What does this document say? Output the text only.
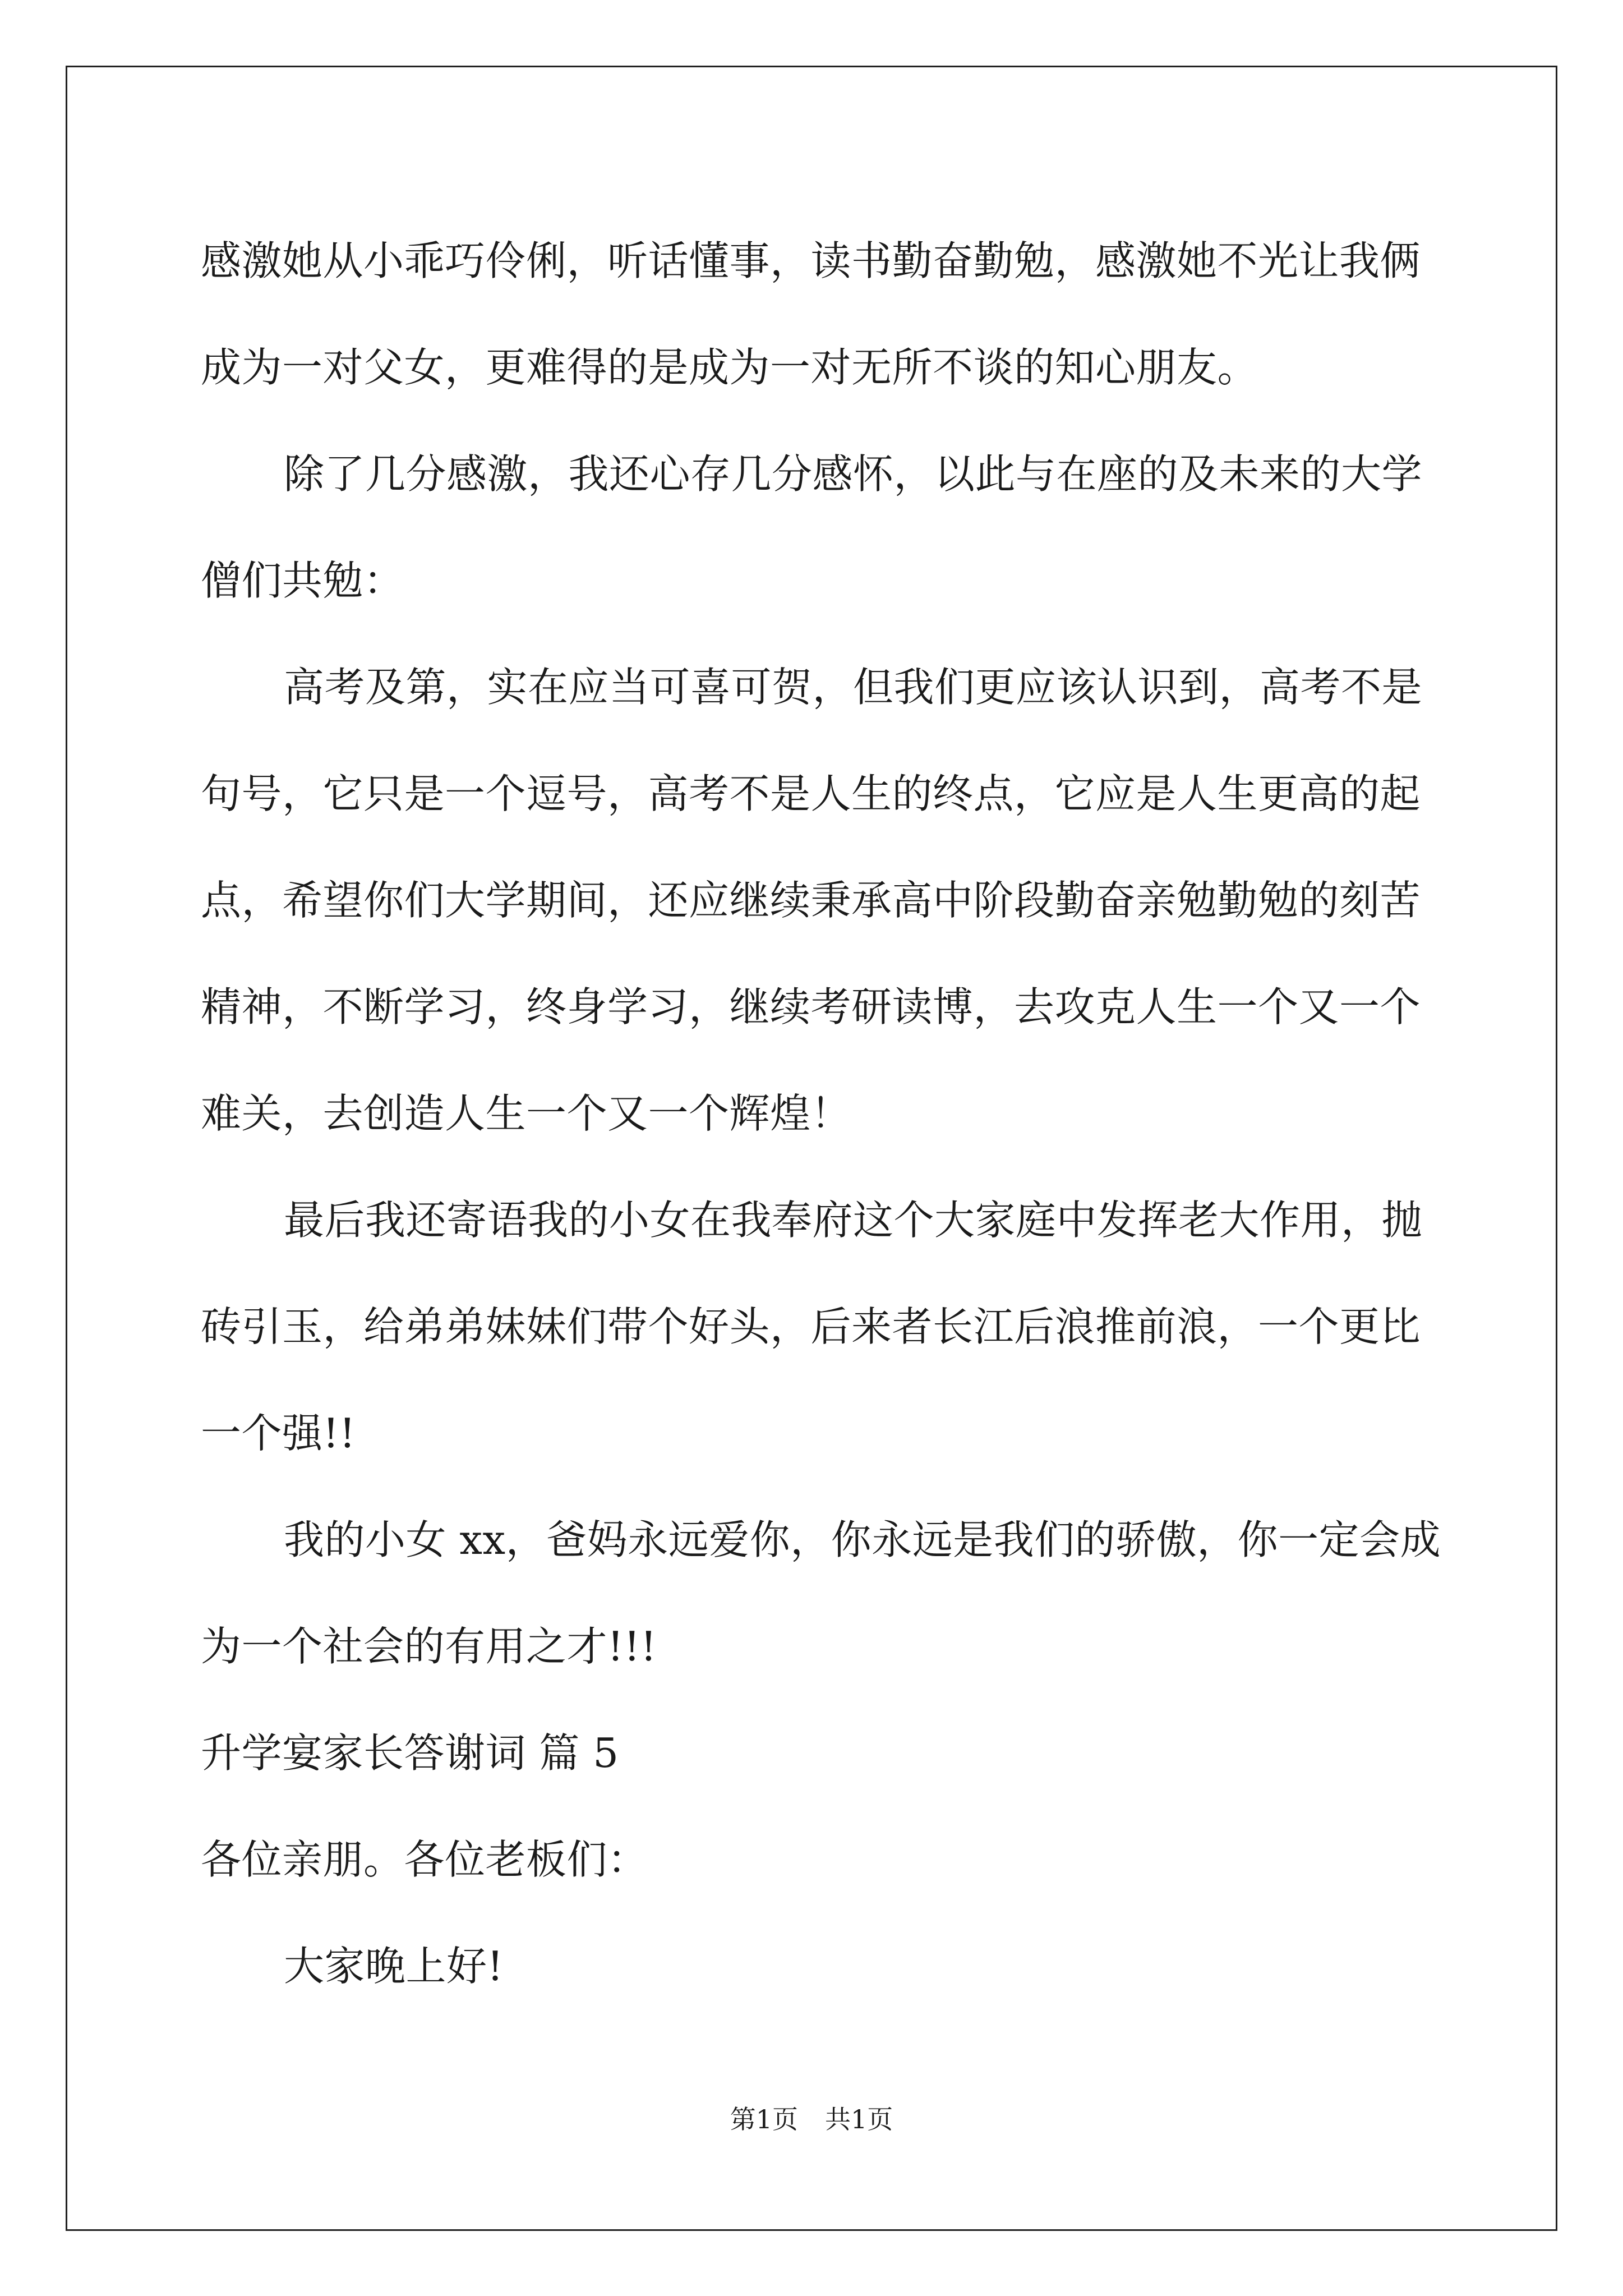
感激她从小乖巧伶俐，听话懂事，读书勤奋勤勉，感激她不光让我俩
成为一对父女，更难得的是成为一对无所不谈的知心朋友。
除了几分感激，我还心存几分感怀，以此与在座的及未来的大学
僧们共勉：
高考及第，实在应当可喜可贺，但我们更应该认识到，高考不是
句号，它只是一个逗号，高考不是人生的终点，它应是人生更高的起
点，希望你们大学期间，还应继续秉承高中阶段勤奋亲勉勤勉的刻苦
精神，不断学习，终身学习，继续考研读博，去攻克人生一个又一个
难关，去创造人生一个又一个辉煌！
最后我还寄语我的小女在我奉府这个大家庭中发挥老大作用，抛
砖引玉，给弟弟妹妹们带个好头，后来者长江后浪推前浪，一个更比
一个强!!
我的小女 xx，爸妈永远爱你，你永远是我们的骄傲，你一定会成
为一个社会的有用之才!!!
升学宴家长答谢词 篇 5
各位亲朋。各位老板们：
大家晚上好!
第1页 共1页
